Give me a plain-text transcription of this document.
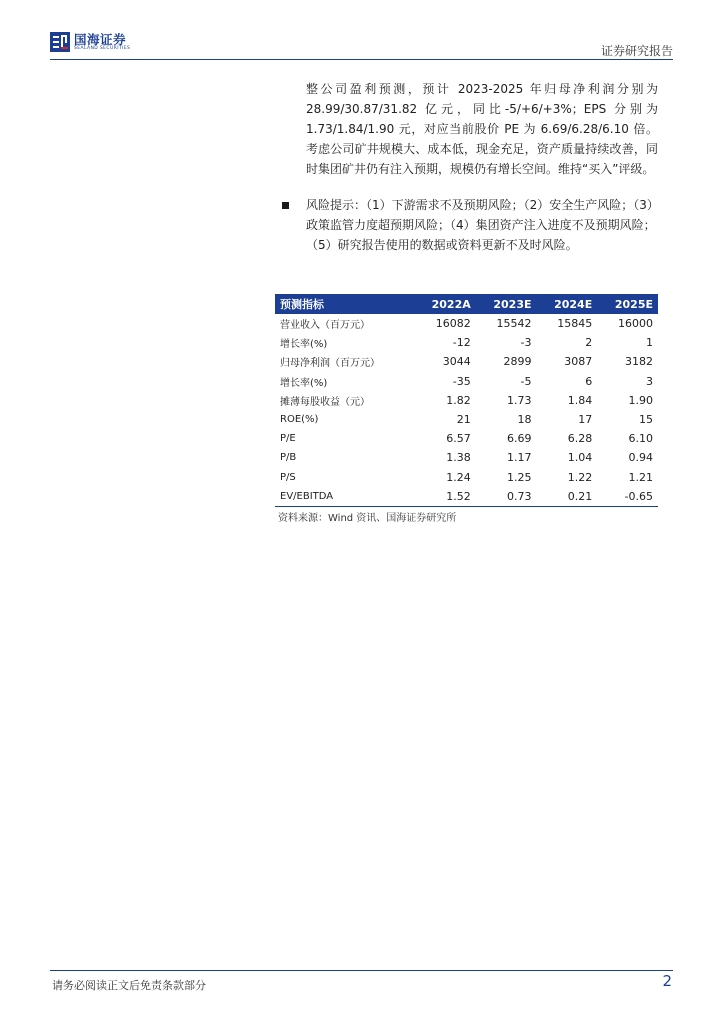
国海证券
SEALAND SECURITIES	证券研究报告
整公司盈利预测，预计 2023-2025 年归母净利润分别为 28.99/30.87/31.82 亿元，同比-5/+6/+3%；EPS 分别为 1.73/1.84/1.90 元，对应当前股价 PE 为 6.69/6.28/6.10 倍。考虑公司矿井规模大、成本低，现金充足，资产质量持续改善，同时集团矿井仍有注入预期，规模仍有增长空间。维持“买入”评级。
风险提示：（1）下游需求不及预期风险；（2）安全生产风险；（3）政策监管力度超预期风险；（4）集团资产注入进度不及预期风险；（5）研究报告使用的数据或资料更新不及时风险。
预测指标	2022A	2023E	2024E	2025E
营业收入（百万元）	16082	15542	15845	16000
增长率(%)	-12	-3	2	1
归母净利润（百万元）	3044	2899	3087	3182
增长率(%)	-35	-5	6	3
摊薄每股收益（元）	1.82	1.73	1.84	1.90
ROE(%)	21	18	17	15
P/E	6.57	6.69	6.28	6.10
P/B	1.38	1.17	1.04	0.94
P/S	1.24	1.25	1.22	1.21
EV/EBITDA	1.52	0.73	0.21	-0.65
资料来源：Wind 资讯、国海证券研究所
请务必阅读正文后免责条款部分	2
